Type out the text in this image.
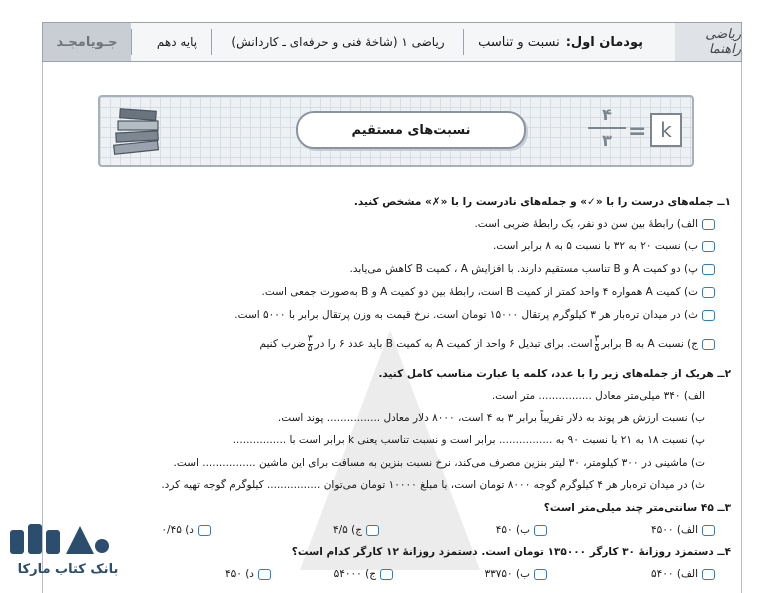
جـویامجـد	پایه دهم	ریاضی ۱ (شاخهٔ فنی و حرفه‌ای ـ کاردانش)	پودمان اول:
نسبت و تناسب	ریاضی راهنما
نسبت‌های مستقیم
۴
۳ = k
۱ــ جمله‌های درست را با «✓» و جمله‌های نادرست را با «✗» مشخص کنید.
الف) رابطهٔ بین سن دو نفر، یک رابطهٔ ضربی است.
ب) نسبت ۲۰ به ۳۲ با نسبت ۵ به ۸ برابر است.
پ) دو کمیت A و B تناسب مستقیم دارند. با افزایش A ، کمیت B کاهش می‌یابد.
ت) کمیت A همواره ۴ واحد کمتر از کمیت B است، رابطهٔ بین دو کمیت A و B به‌صورت جمعی است.
ث) در میدان تره‌بار هر ۳ کیلوگرم پرتقال ۱۵۰۰۰ تومان است. نرخ قیمت به وزن پرتقال برابر با ۵۰۰۰ است.
ج) نسبت A به B برابر
۳
۵
است. برای تبدیل ۶ واحد از کمیت A به کمیت B باید عدد ۶ را در
۳
۵
ضرب کنیم
۲ــ هریک از جمله‌های زیر را با عدد، کلمه یا عبارت مناسب کامل کنید.
الف) ۳۴۰ میلی‌متر معادل ................ متر است.
ب) نسبت ارزش هر پوند به دلار تقریباً برابر ۳ به ۴ است، ۸۰۰۰ دلار معادل ................ پوند است.
پ) نسبت ۱۸ به ۲۱ با نسبت ۹۰ به ................ برابر است و نسبت تناسب یعنی k برابر است با ................
ت) ماشینی در ۳۰۰ کیلومتر، ۳۰ لیتر بنزین مصرف می‌کند، نرخ نسبت بنزین به مسافت برای این ماشین ................ است.
ث) در میدان تره‌بار هر ۴ کیلوگرم گوجه ۸۰۰۰ تومان است، با مبلغ ۱۰۰۰۰ تومان می‌توان ................ کیلوگرم گوجه تهیه کرد.
۳ــ ۴۵ سانتی‌متر چند میلی‌متر است؟
الف) ۴۵۰۰
ب) ۴۵۰
ج) ۴/۵
د) ۰/۴۵
۴ــ دستمزد روزانهٔ ۳۰ کارگر ۱۳۵۰۰۰ تومان است. دستمزد روزانهٔ ۱۲ کارگر کدام است؟
الف) ۵۴۰۰
ب) ۳۳۷۵۰
ج) ۵۴۰۰۰
د) ۴۵۰
بانک کتاب مارکا
